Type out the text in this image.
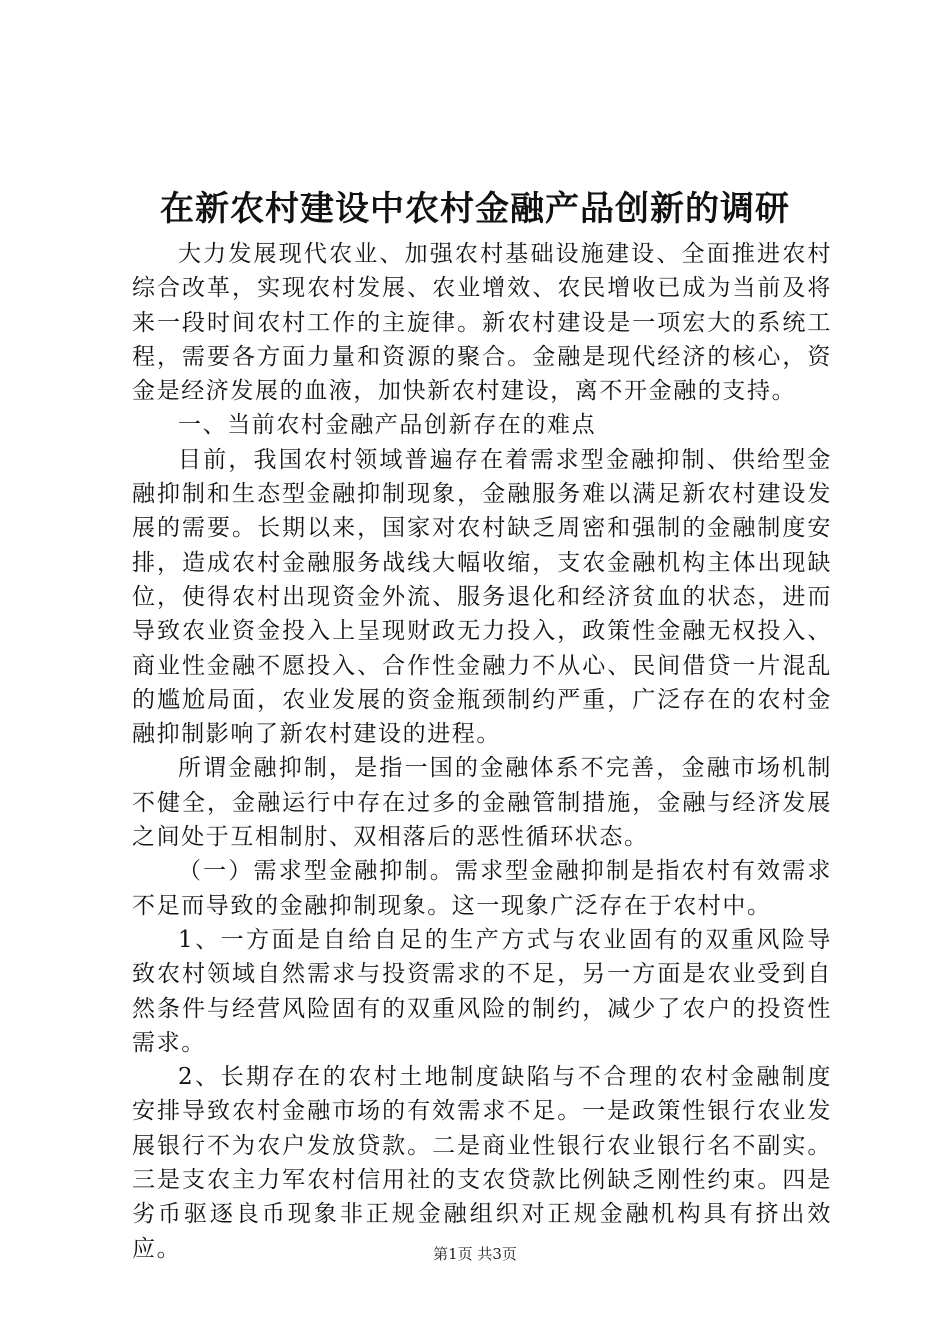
在新农村建设中农村金融产品创新的调研

大力发展现代农业、加强农村基础设施建设、全面推进农村综合改革，实现农村发展、农业增效、农民增收已成为当前及将来一段时间农村工作的主旋律。新农村建设是一项宏大的系统工程，需要各方面力量和资源的聚合。金融是现代经济的核心，资金是经济发展的血液，加快新农村建设，离不开金融的支持。

一、当前农村金融产品创新存在的难点

目前，我国农村领域普遍存在着需求型金融抑制、供给型金融抑制和生态型金融抑制现象，金融服务难以满足新农村建设发展的需要。长期以来，国家对农村缺乏周密和强制的金融制度安排，造成农村金融服务战线大幅收缩，支农金融机构主体出现缺位，使得农村出现资金外流、服务退化和经济贫血的状态，进而导致农业资金投入上呈现财政无力投入，政策性金融无权投入、商业性金融不愿投入、合作性金融力不从心、民间借贷一片混乱的尴尬局面，农业发展的资金瓶颈制约严重，广泛存在的农村金融抑制影响了新农村建设的进程。

所谓金融抑制，是指一国的金融体系不完善，金融市场机制不健全，金融运行中存在过多的金融管制措施，金融与经济发展之间处于互相制肘、双相落后的恶性循环状态。

（一）需求型金融抑制。需求型金融抑制是指农村有效需求不足而导致的金融抑制现象。这一现象广泛存在于农村中。

1、一方面是自给自足的生产方式与农业固有的双重风险导致农村领域自然需求与投资需求的不足，另一方面是农业受到自然条件与经营风险固有的双重风险的制约，减少了农户的投资性需求。

2、长期存在的农村土地制度缺陷与不合理的农村金融制度安排导致农村金融市场的有效需求不足。一是政策性银行农业发展银行不为农户发放贷款。二是商业性银行农业银行名不副实。三是支农主力军农村信用社的支农贷款比例缺乏刚性约束。四是劣币驱逐良币现象非正规金融组织对正规金融机构具有挤出效应。	第1页 共3页
